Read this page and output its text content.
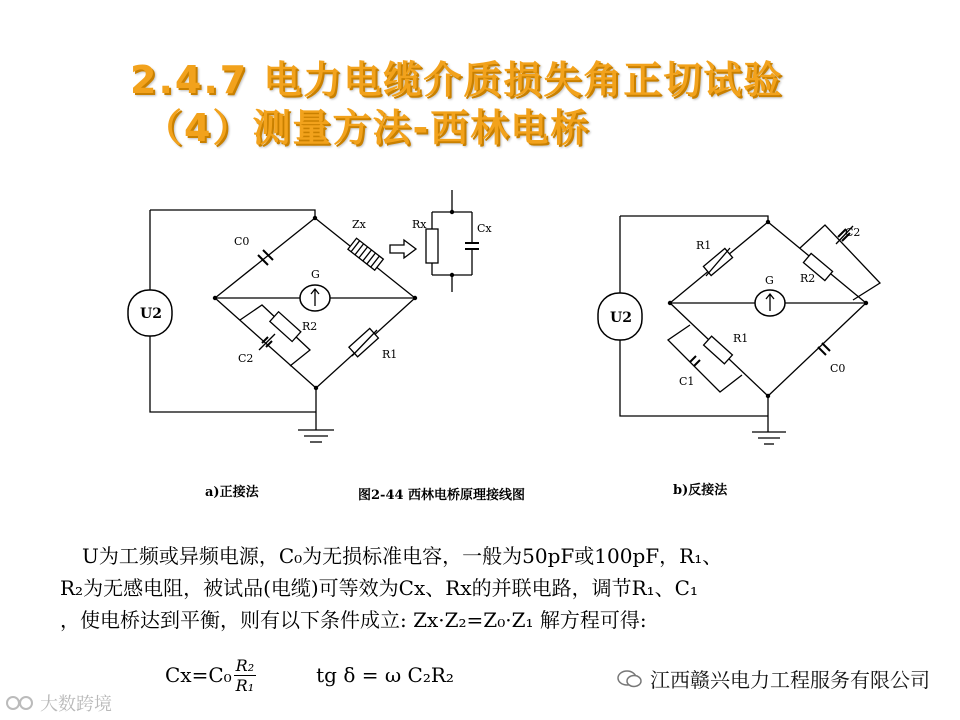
2.4.7 电力电缆介质损失角正切试验
（4）测量方法-西林电桥
U2
G
C0
Zx	Rx	Cx
R2
C2	R1
U2
G
R1
C2
R2
R1
C1
C0
a)正接法	图2-44 西林电桥原理接线图	b)反接法

U为工频或异频电源，C₀为无损标准电容，一般为50pF或100pF，R₁、

R₂为无感电阻，被试品(电缆)可等效为Cx、Rx的并联电路，调节R₁、C₁
，使电桥达到平衡，则有以下条件成立: Zx·Z₂=Z₀·Z₁ 解方程可得:
$Cx=C_0 \frac{\text{R₂}}{\text{R₁}}$	tg δ = ω C₂R₂	江西赣兴电力工程服务有限公司
大数跨境
